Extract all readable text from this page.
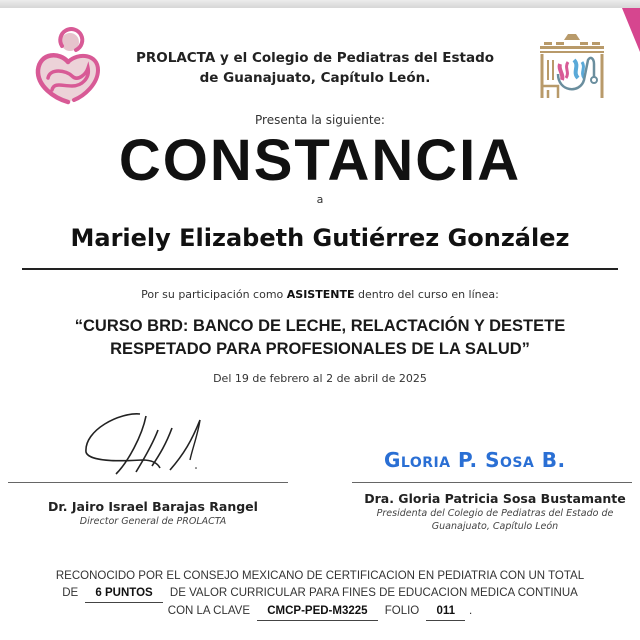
PROLACTA y el Colegio de Pediatras del Estado
de Guanajuato, Capítulo León.
Presenta la siguiente:
CONSTANCIA
a
Mariely Elizabeth Gutiérrez González
Por su participación como ASISTENTE dentro del curso en línea:
“CURSO BRD: BANCO DE LECHE, RELACTACIÓN Y DESTETE
RESPETADO PARA PROFESIONALES DE LA SALUD”
Del 19 de febrero al 2 de abril de 2025
Gloria P. Sosa B.
Dr. Jairo Israel Barajas Rangel
Director General de PROLACTA
Dra. Gloria Patricia Sosa Bustamante
Presidenta del Colegio de Pediatras del Estado de
Guanajuato, Capítulo León
RECONOCIDO POR EL CONSEJO MEXICANO DE CERTIFICACION EN PEDIATRIA CON UN TOTAL
DE 6 PUNTOS DE VALOR CURRICULAR PARA FINES DE EDUCACION MEDICA CONTINUA
CON LA CLAVE CMCP-PED-M3225 FOLIO 011 .
